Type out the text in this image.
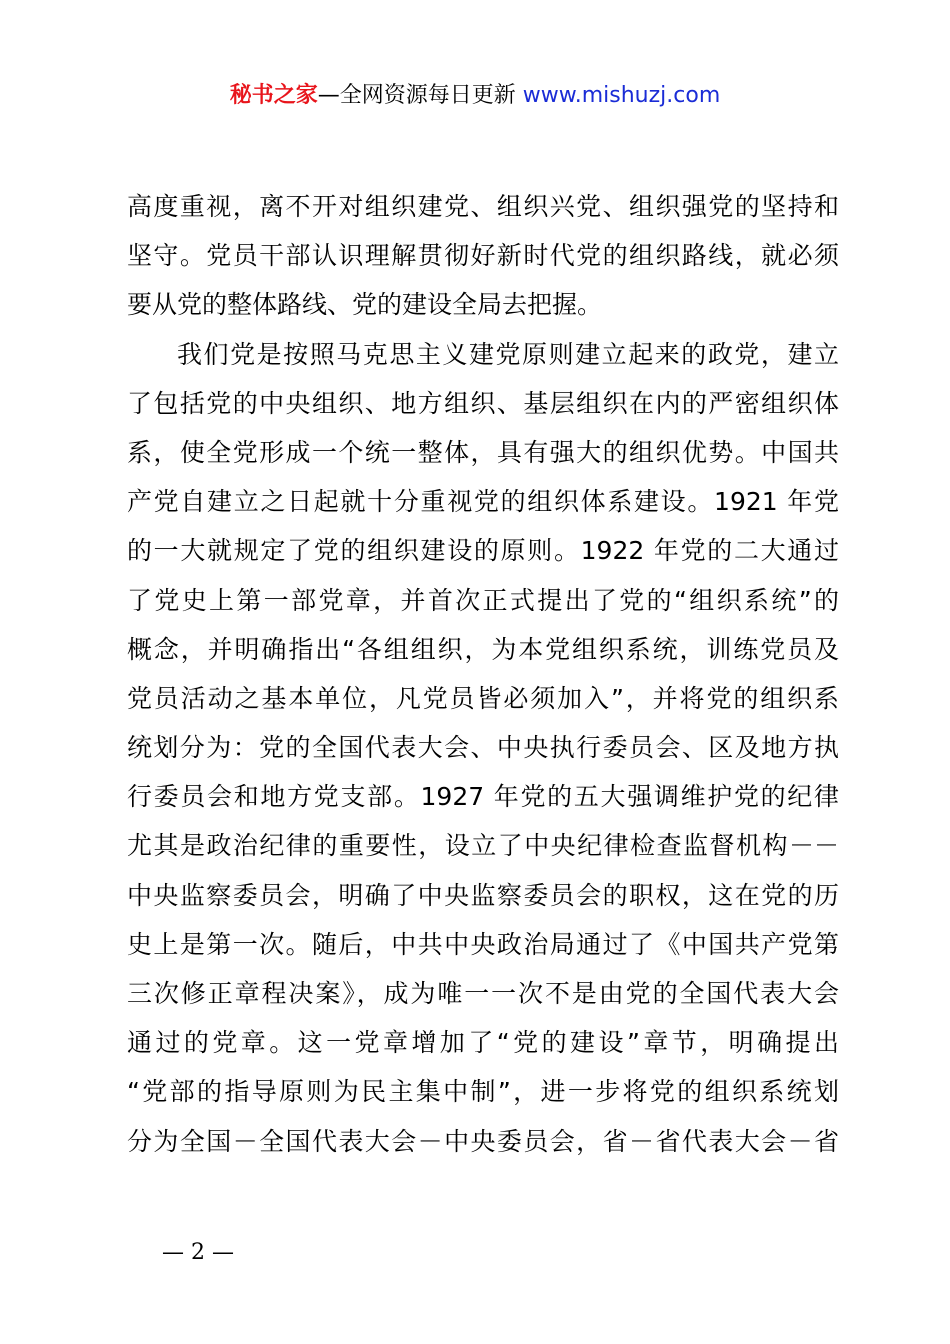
秘书之家—全网资源每日更新 www.mishuzj.com
高度重视，离不开对组织建党、组织兴党、组织强党的坚持和
坚守。党员干部认识理解贯彻好新时代党的组织路线，就必须
要从党的整体路线、党的建设全局去把握。
我们党是按照马克思主义建党原则建立起来的政党，建立
了包括党的中央组织、地方组织、基层组织在内的严密组织体
系，使全党形成一个统一整体，具有强大的组织优势。中国共
产党自建立之日起就十分重视党的组织体系建设。1921 年党
的一大就规定了党的组织建设的原则。1922 年党的二大通过
了党史上第一部党章，并首次正式提出了党的“组织系统”的
概念，并明确指出“各组组织，为本党组织系统，训练党员及
党员活动之基本单位，凡党员皆必须加入”，并将党的组织系
统划分为：党的全国代表大会、中央执行委员会、区及地方执
行委员会和地方党支部。1927 年党的五大强调维护党的纪律
尤其是政治纪律的重要性，设立了中央纪律检查监督机构－－
中央监察委员会，明确了中央监察委员会的职权，这在党的历
史上是第一次。随后，中共中央政治局通过了《中国共产党第
三次修正章程决案》，成为唯一一次不是由党的全国代表大会
通过的党章。这一党章增加了“党的建设”章节，明确提出
“党部的指导原则为民主集中制”，进一步将党的组织系统划
分为全国－全国代表大会－中央委员会，省－省代表大会－省
— 2 —
